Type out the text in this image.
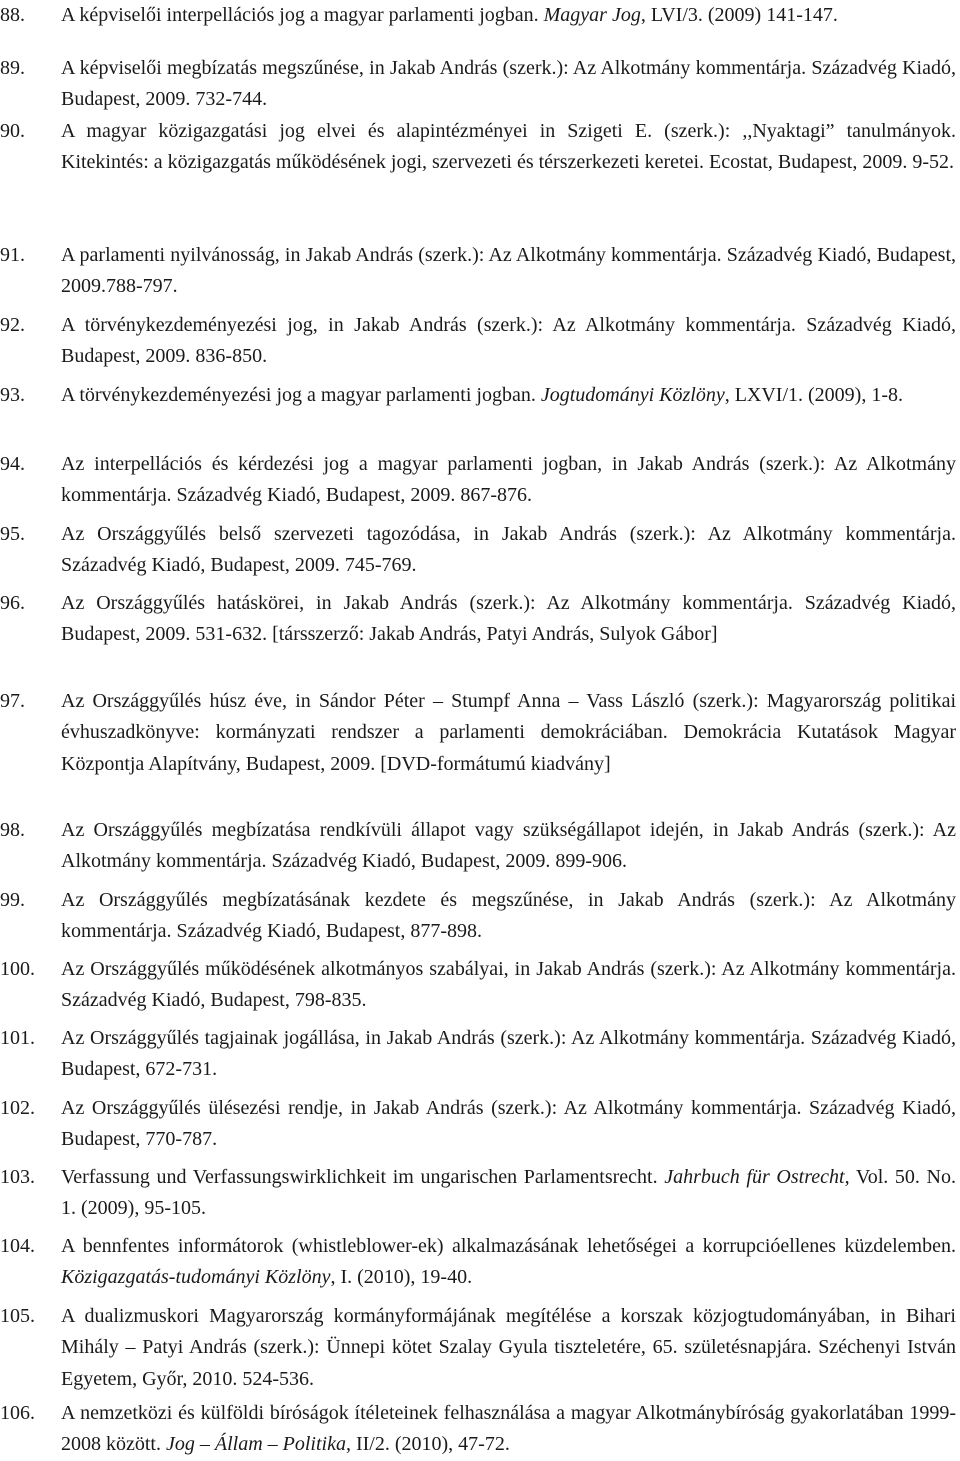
88.	A képviselői interpellációs jog a magyar parlamenti jogban. Magyar Jog, LVI/3. (2009) 141-147.
89.	A képviselői megbízatás megszűnése, in Jakab András (szerk.): Az Alkotmány kommentárja. Századvég Kiadó, Budapest, 2009. 732-744.
90.	A magyar közigazgatási jog elvei és alapintézményei in Szigeti E. (szerk.): ,,Nyaktagi” tanulmányok. Kitekintés: a közigazgatás működésének jogi, szervezeti és térszerkezeti keretei. Ecostat, Budapest, 2009. 9-52.
91.	A parlamenti nyilvánosság, in Jakab András (szerk.): Az Alkotmány kommentárja. Századvég Kiadó, Budapest, 2009.788-797.
92.	A törvénykezdeményezési jog, in Jakab András (szerk.): Az Alkotmány kommentárja. Századvég Kiadó, Budapest, 2009. 836-850.
93.	A törvénykezdeményezési jog a magyar parlamenti jogban. Jogtudományi Közlöny, LXVI/1. (2009), 1-8.
94.	Az interpellációs és kérdezési jog a magyar parlamenti jogban, in Jakab András (szerk.): Az Alkotmány kommentárja. Századvég Kiadó, Budapest, 2009. 867-876.
95.	Az Országgyűlés belső szervezeti tagozódása, in Jakab András (szerk.): Az Alkotmány kommentárja. Századvég Kiadó, Budapest, 2009. 745-769.
96.	Az Országgyűlés hatáskörei, in Jakab András (szerk.): Az Alkotmány kommentárja. Századvég Kiadó, Budapest, 2009. 531-632. [társszerző: Jakab András, Patyi András, Sulyok Gábor]
97.	Az Országgyűlés húsz éve, in Sándor Péter – Stumpf Anna – Vass László (szerk.): Magyarország politikai évhuszadkönyve: kormányzati rendszer a parlamenti demokráciában. Demokrácia Kutatások Magyar Központja Alapítvány, Budapest, 2009. [DVD-formátumú kiadvány]
98.	Az Országgyűlés megbízatása rendkívüli állapot vagy szükségállapot idején, in Jakab András (szerk.): Az Alkotmány kommentárja. Századvég Kiadó, Budapest, 2009. 899-906.
99.	Az Országgyűlés megbízatásának kezdete és megszűnése, in Jakab András (szerk.): Az Alkotmány kommentárja. Századvég Kiadó, Budapest, 877-898.
100.	Az Országgyűlés működésének alkotmányos szabályai, in Jakab András (szerk.): Az Alkotmány kommentárja. Századvég Kiadó, Budapest, 798-835.
101.	Az Országgyűlés tagjainak jogállása, in Jakab András (szerk.): Az Alkotmány kommentárja. Századvég Kiadó, Budapest, 672-731.
102.	Az Országgyűlés ülésezési rendje, in Jakab András (szerk.): Az Alkotmány kommentárja. Századvég Kiadó, Budapest, 770-787.
103.	Verfassung und Verfassungswirklichkeit im ungarischen Parlamentsrecht. Jahrbuch für Ostrecht, Vol. 50. No. 1. (2009), 95-105.
104.	A bennfentes informátorok (whistleblower-ek) alkalmazásának lehetőségei a korrupcióellenes küzdelemben. Közigazgatás-tudományi Közlöny, I. (2010), 19-40.
105.	A dualizmuskori Magyarország kormányformájának megítélése a korszak közjogtudományában, in Bihari Mihály – Patyi András (szerk.): Ünnepi kötet Szalay Gyula tiszteletére, 65. születésnapjára. Széchenyi István Egyetem, Győr, 2010. 524-536.
106.	A nemzetközi és külföldi bíróságok ítéleteinek felhasználása a magyar Alkotmánybíróság gyakorlatában 1999-2008 között. Jog – Állam – Politika, II/2. (2010), 47-72.
